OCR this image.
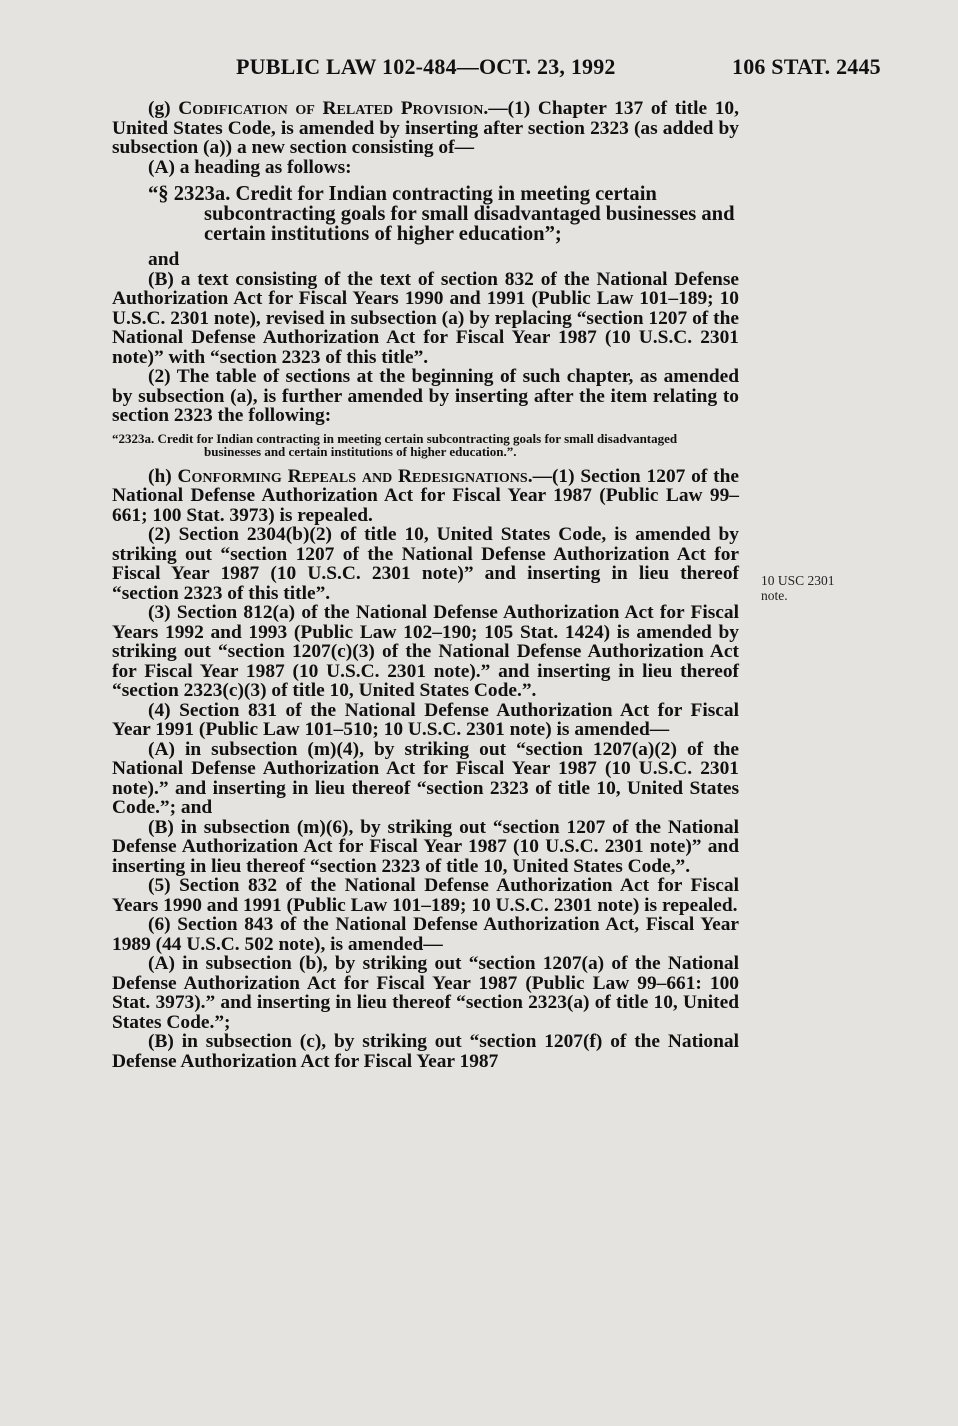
PUBLIC LAW 102-484—OCT. 23, 1992	106 STAT. 2445

(g) Codification of Related Provision.—(1) Chapter 137 of title 10, United States Code, is amended by inserting after section 2323 (as added by subsection (a)) a new section consisting of—

(A) a heading as follows:

“§ 2323a. Credit for Indian contracting in meeting certain subcontracting goals for small disadvantaged businesses and certain institutions of higher education”;

and

(B) a text consisting of the text of section 832 of the National Defense Authorization Act for Fiscal Years 1990 and 1991 (Public Law 101–189; 10 U.S.C. 2301 note), revised in subsection (a) by replacing “section 1207 of the National Defense Authorization Act for Fiscal Year 1987 (10 U.S.C. 2301 note)” with “section 2323 of this title”.

(2) The table of sections at the beginning of such chapter, as amended by subsection (a), is further amended by inserting after the item relating to section 2323 the following:

“2323a. Credit for Indian contracting in meeting certain subcontracting goals for small disadvantaged businesses and certain institutions of higher education.”.

(h) Conforming Repeals and Redesignations.—(1) Section 1207 of the National Defense Authorization Act for Fiscal Year 1987 (Public Law 99–661; 100 Stat. 3973) is repealed.

(2) Section 2304(b)(2) of title 10, United States Code, is amended by striking out “section 1207 of the National Defense Authorization Act for Fiscal Year 1987 (10 U.S.C. 2301 note)” and inserting in lieu thereof “section 2323 of this title”.

(3) Section 812(a) of the National Defense Authorization Act for Fiscal Years 1992 and 1993 (Public Law 102–190; 105 Stat. 1424) is amended by striking out “section 1207(c)(3) of the National Defense Authorization Act for Fiscal Year 1987 (10 U.S.C. 2301 note).” and inserting in lieu thereof “section 2323(c)(3) of title 10, United States Code.”.

(4) Section 831 of the National Defense Authorization Act for Fiscal Year 1991 (Public Law 101–510; 10 U.S.C. 2301 note) is amended—

(A) in subsection (m)(4), by striking out “section 1207(a)(2) of the National Defense Authorization Act for Fiscal Year 1987 (10 U.S.C. 2301 note).” and inserting in lieu thereof “section 2323 of title 10, United States Code.”; and

(B) in subsection (m)(6), by striking out “section 1207 of the National Defense Authorization Act for Fiscal Year 1987 (10 U.S.C. 2301 note)” and inserting in lieu thereof “section 2323 of title 10, United States Code,”.

(5) Section 832 of the National Defense Authorization Act for Fiscal Years 1990 and 1991 (Public Law 101–189; 10 U.S.C. 2301 note) is repealed.

(6) Section 843 of the National Defense Authorization Act, Fiscal Year 1989 (44 U.S.C. 502 note), is amended—

(A) in subsection (b), by striking out “section 1207(a) of the National Defense Authorization Act for Fiscal Year 1987 (Public Law 99–661: 100 Stat. 3973).” and inserting in lieu thereof “section 2323(a) of title 10, United States Code.”;

(B) in subsection (c), by striking out “section 1207(f) of the National Defense Authorization Act for Fiscal Year 1987

10 USC 2301 note.
